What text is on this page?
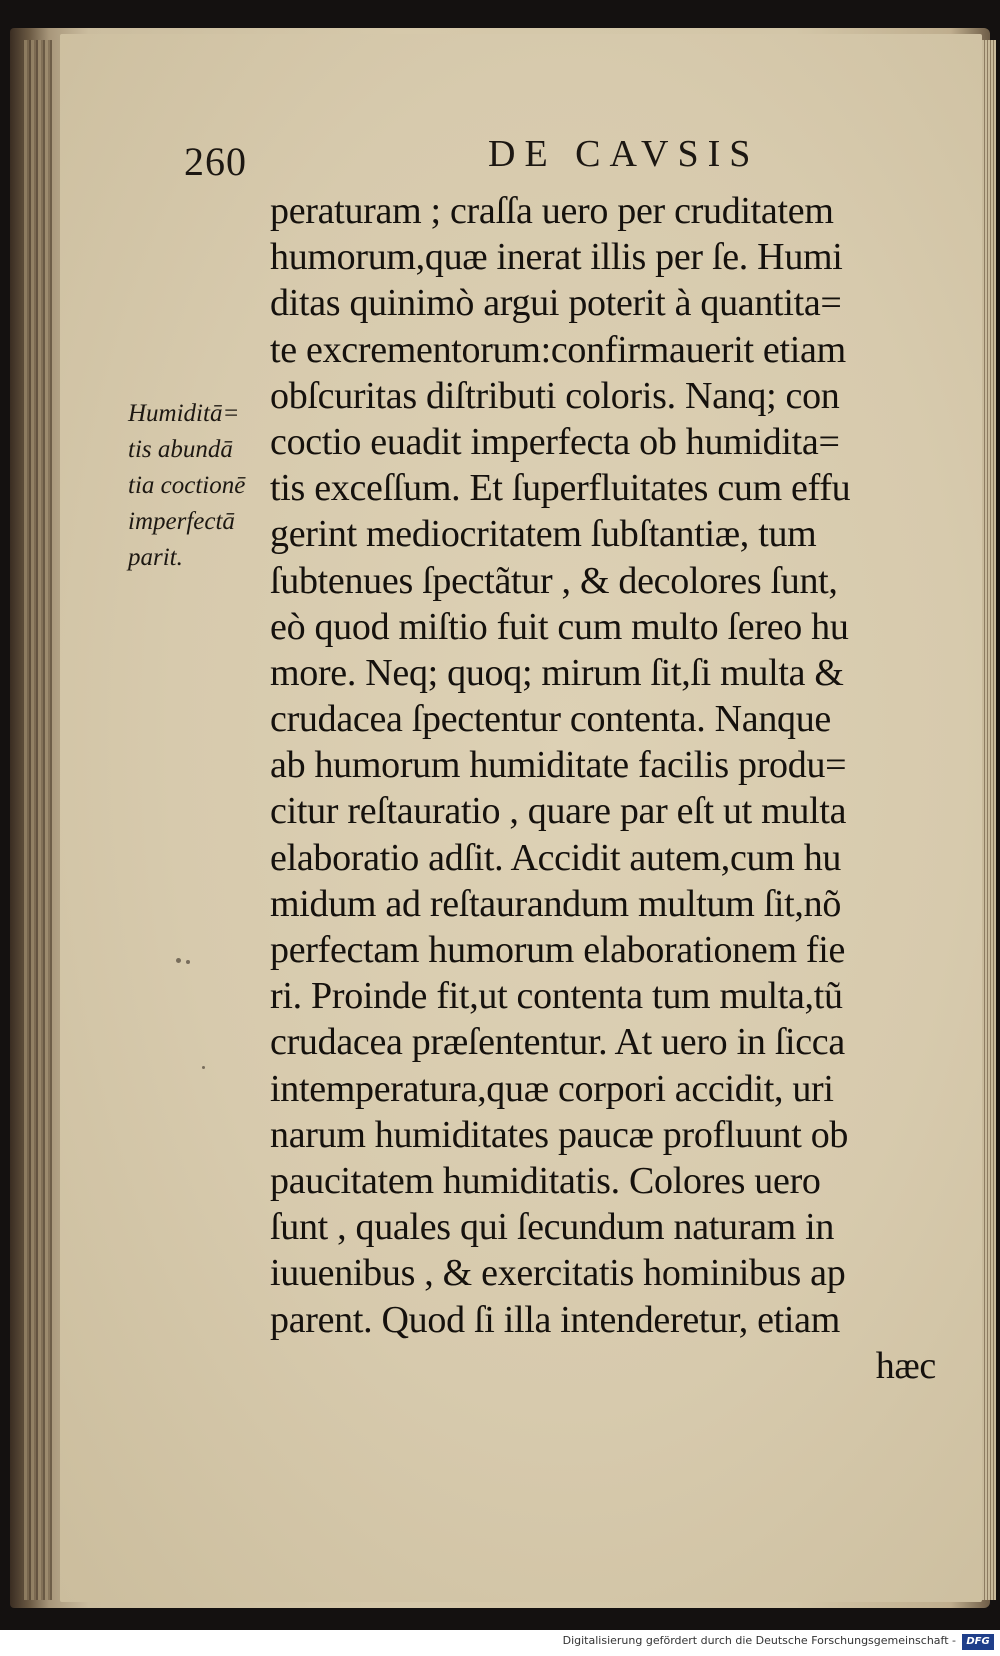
260	DE CAVSIS
Humiditā=
tis abundā
tia coctionē
imperfectā
parit.
peraturam ; craſſa uero per cruditatem
humorum,quæ inerat illis per ſe. Humi
ditas quinimò argui poterit à quantita=
te excrementorum:confirmauerit etiam
obſcuritas diſtributi coloris. Nanq; con
coctio euadit imperfecta ob humidita=
tis exceſſum. Et ſuperfluitates cum effu
gerint mediocritatem ſubſtantiæ, tum
ſubtenues ſpectãtur , & decolores ſunt,
eò quod miſtio fuit cum multo ſereo hu
more. Neq; quoq; mirum ſit,ſi multa &
crudacea ſpectentur contenta. Nanque
ab humorum humiditate facilis produ=
citur reſtauratio , quare par eſt ut multa
elaboratio adſit. Accidit autem,cum hu
midum ad reſtaurandum multum ſit,nõ
perfectam humorum elaborationem fie
ri. Proinde fit,ut contenta tum multa,tũ
crudacea præſententur. At uero in ſicca
intemperatura,quæ corpori accidit, uri
narum humiditates paucæ profluunt ob
paucitatem humiditatis. Colores uero
ſunt , quales qui ſecundum naturam in
iuuenibus , & exercitatis hominibus ap
parent. Quod ſi illa intenderetur, etiam
hæc
Digitalisierung gefördert durch die Deutsche Forschungsgemeinschaft -	DFG
